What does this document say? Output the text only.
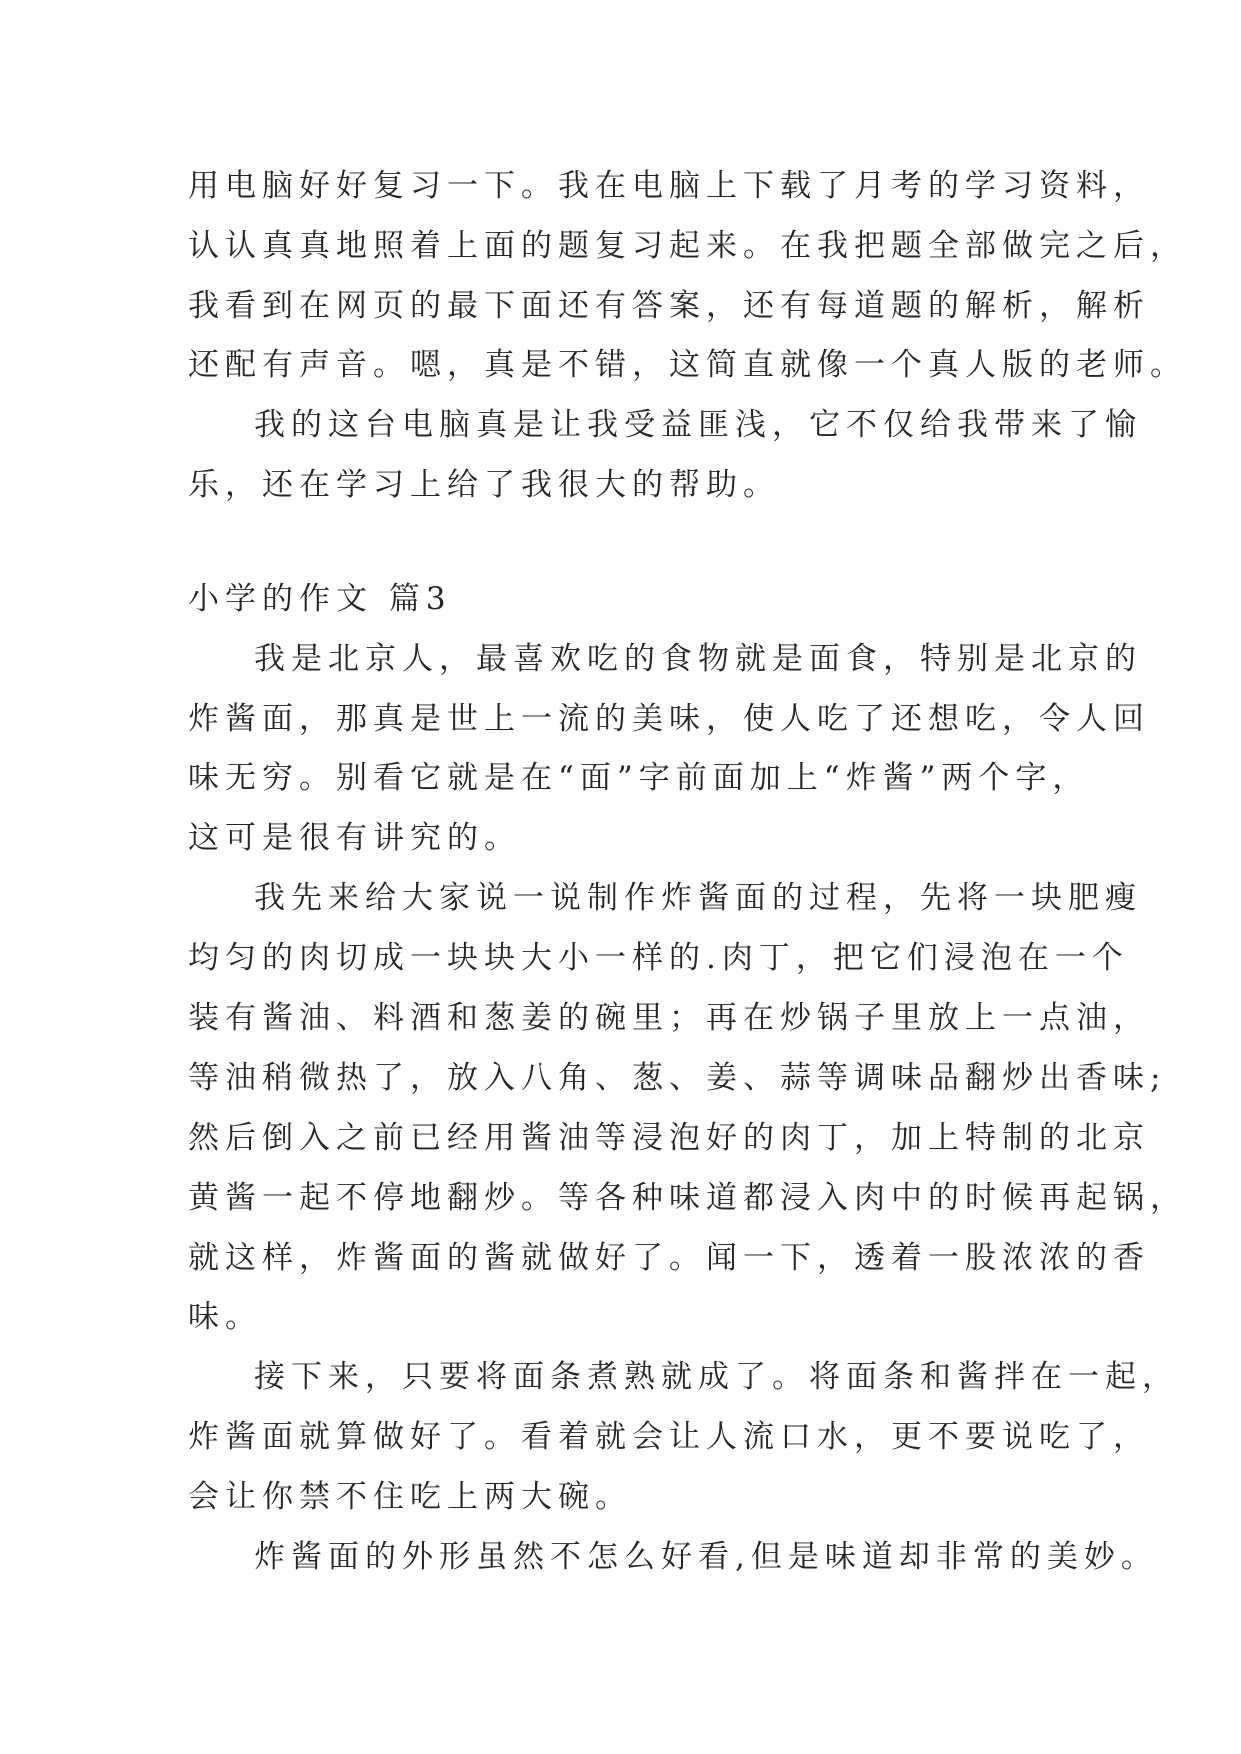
用电脑好好复习一下。我在电脑上下载了月考的学习资料，
认认真真地照着上面的题复习起来。在我把题全部做完之后，
我看到在网页的最下面还有答案，还有每道题的解析，解析
还配有声音。嗯，真是不错，这简直就像一个真人版的老师。
我的这台电脑真是让我受益匪浅，它不仅给我带来了愉
乐，还在学习上给了我很大的帮助。
小学的作文 篇3
我是北京人，最喜欢吃的食物就是面食，特别是北京的
炸酱面，那真是世上一流的美味，使人吃了还想吃，令人回
味无穷。别看它就是在“面”字前面加上“炸酱”两个字，
这可是很有讲究的。
我先来给大家说一说制作炸酱面的过程，先将一块肥瘦
均匀的肉切成一块块大小一样的.肉丁，把它们浸泡在一个
装有酱油、料酒和葱姜的碗里；再在炒锅子里放上一点油，
等油稍微热了，放入八角、葱、姜、蒜等调味品翻炒出香味;
然后倒入之前已经用酱油等浸泡好的肉丁，加上特制的北京
黄酱一起不停地翻炒。等各种味道都浸入肉中的时候再起锅，
就这样，炸酱面的酱就做好了。闻一下，透着一股浓浓的香
味。
接下来，只要将面条煮熟就成了。将面条和酱拌在一起，
炸酱面就算做好了。看着就会让人流口水，更不要说吃了，
会让你禁不住吃上两大碗。
炸酱面的外形虽然不怎么好看,但是味道却非常的美妙。
